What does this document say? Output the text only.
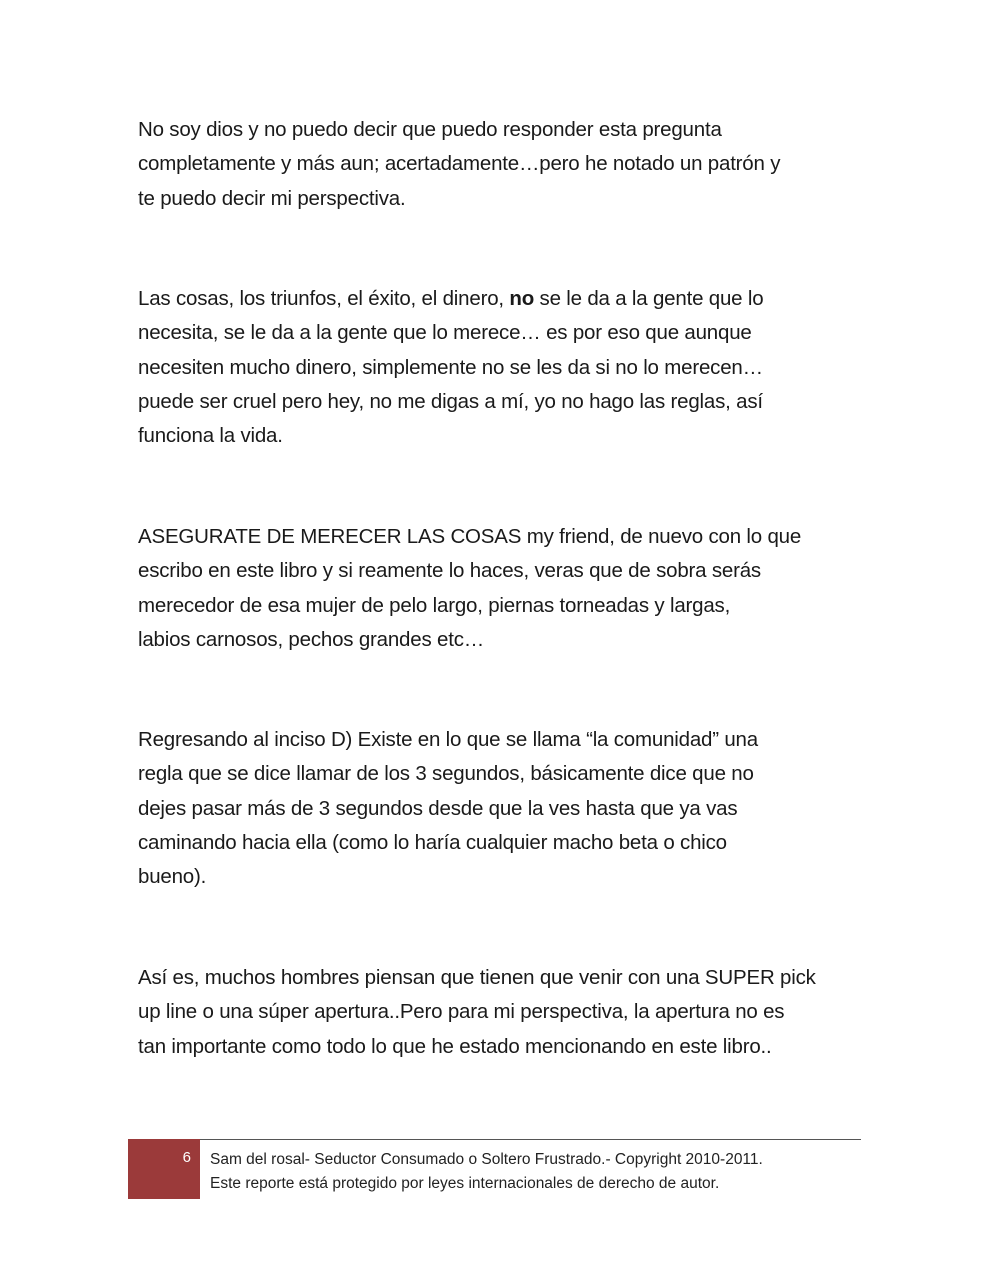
No soy dios y no puedo decir que puedo responder esta pregunta
completamente y más aun; acertadamente…pero he notado un patrón y
te puedo decir mi perspectiva.

Las cosas, los triunfos, el éxito, el dinero, no se le da a la gente que lo
necesita, se le da a la gente que lo merece… es por eso que aunque
necesiten mucho dinero, simplemente no se les da si no lo merecen…
puede ser cruel pero hey, no me digas a mí, yo no hago las reglas, así
funciona la vida.

ASEGURATE DE MERECER LAS COSAS my friend, de nuevo con lo que
escribo en este libro y si reamente lo haces, veras que de sobra serás
merecedor de esa mujer de pelo largo, piernas torneadas y largas,
labios carnosos, pechos grandes etc…

Regresando al inciso D) Existe en lo que se llama “la comunidad” una
regla que se dice llamar de los 3 segundos, básicamente dice que no
dejes pasar más de 3 segundos desde que la ves hasta que ya vas
caminando hacia ella (como lo haría cualquier macho beta o chico
bueno).

Así es, muchos hombres piensan que tienen que venir con una SUPER pick
up line o una súper apertura..Pero para mi perspectiva, la apertura no es
tan importante como todo lo que he estado mencionando en este libro..

6 Sam del rosal- Seductor Consumado o Soltero Frustrado.- Copyright 2010-2011.
Este reporte está protegido por leyes internacionales de derecho de autor.
